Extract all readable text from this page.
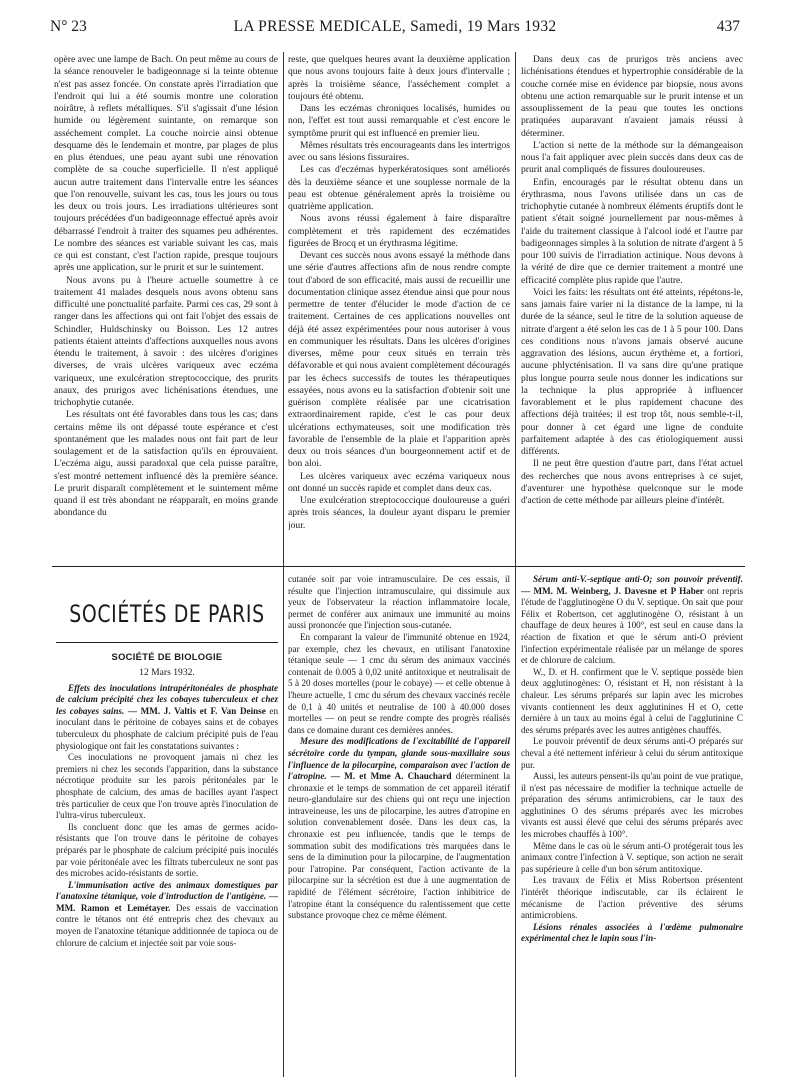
N° 23	LA PRESSE MEDICALE, Samedi, 19 Mars 1932	437

opère avec une lampe de Bach. On peut même au cours de la séance renouveler le badigeonnage si la teinte obtenue n'est pas assez foncée. On constate après l'irradiation que l'endroit qui lui a été soumis montre une coloration noirâtre, à reflets métalliques. S'il s'agissait d'une lésion humide ou légèrement suintante, on remarque son asséchement complet. La couche noircie ainsi obtenue desquame dès le lendemain et montre, par plages de plus en plus étendues, une peau ayant subi une rénovation complète de sa couche superficielle. Il n'est appliqué aucun autre traitement dans l'intervalle entre les séances que l'on renouvelle, suivant les cas, tous les jours ou tous les deux ou trois jours. Les irradiations ultérieures sont toujours précédées d'un badigeonnage effectué après avoir débarrassé l'endroit à traiter des squames peu adhérentes. Le nombre des séances est variable suivant les cas, mais ce qui est constant, c'est l'action rapide, presque toujours après une application, sur le prurit et sur le suintement.

Nous avons pu à l'heure actuelle soumettre à ce traitement 41 malades desquels nous avons obtenu sans difficulté une ponctualité parfaite. Parmi ces cas, 29 sont à ranger dans les affections qui ont fait l'objet des essais de Schindler, Huldschinsky ou Boisson. Les 12 autres patients étaient atteints d'affections auxquelles nous avons étendu le traitement, à savoir : des ulcères d'origines diverses, de vrais ulcères variqueux avec eczéma variqueux, une exulcération streptococcique, des prurits anaux, des prurigos avec lichénisations étendues, une trichophytie cutanée.

Les résultats ont été favorables dans tous les cas; dans certains même ils ont dépassé toute espérance et c'est spontanément que les malades nous ont fait part de leur soulagement et de la satisfaction qu'ils en éprouvaient. L'eczéma aigu, aussi paradoxal que cela puisse paraître, s'est montré nettement influencé dès la première séance. Le prurit disparaît complètement et le suintement même quand il est très abondant ne réapparaît, en moins grande abondance du

reste, que quelques heures avant la deuxième application que nous avons toujours faite à deux jours d'intervalle ; après la troisième séance, l'asséchement complet a toujours été obtenu.

Dans les eczémas chroniques localisés, humides ou non, l'effet est tout aussi remarquable et c'est encore le symptôme prurit qui est influencé en premier lieu.

Mêmes résultats très encourageants dans les intertrigos avec ou sans lésions fissuraires.

Les cas d'eczémas hyperkératosiques sont améliorés dès la deuxième séance et une souplesse normale de la peau est obtenue généralement après la troisième ou quatrième application.

Nous avons réussi également à faire disparaître complètement et très rapidement des eczématides figurées de Brocq et un érythrasma légitime.

Devant ces succès nous avons essayé la méthode dans une série d'autres affections afin de nous rendre compte tout d'abord de son efficacité, mais aussi de recueillir une documentation clinique assez étendue ainsi que pour nous permettre de tenter d'élucider le mode d'action de ce traitement. Certaines de ces applications nouvelles ont déjà été assez expérimentées pour nous autoriser à vous en communiquer les résultats. Dans les ulcères d'origines diverses, même pour ceux situés en terrain très défavorable et qui nous avaient complètement découragés par les échecs successifs de toutes les thérapeutiques essayées, nous avons eu la satisfaction d'obtenir soit une guérison complète réalisée par une cicatrisation extraordinairement rapide, c'est le cas pour deux ulcérations ecthymateuses, soit une modification très favorable de l'ensemble de la plaie et l'apparition après deux ou trois séances d'un bourgeonnement actif et de bon aloi.

Les ulcères variqueux avec eczéma variqueux nous ont donné un succès rapide et complet dans deux cas.

Une exulcération streptococcique douloureuse a guéri après trois séances, la douleur ayant disparu le premier jour.

Dans deux cas de prurigos très anciens avec lichénisations étendues et hypertrophie considérable de la couche cornée mise en évidence par biopsie, nous avons obtenu une action remarquable sur le prurit intense et un assouplissement de la peau que toutes les onctions pratiquées auparavant n'avaient jamais réussi à déterminer.

L'action si nette de la méthode sur la démangeaison nous l'a fait appliquer avec plein succès dans deux cas de prurit anal compliqués de fissures douloureuses.

Enfin, encouragés par le résultat obtenu dans un érythrasma, nous l'avons utilisée dans un cas de trichophytie cutanée à nombreux éléments éruptifs dont le patient s'était soigné journellement par nous-mêmes à l'aide du traitement classique à l'alcool iodé et l'autre par badigeonnages simples à la solution de nitrate d'argent à 5 pour 100 suivis de l'irradiation actinique. Nous devons à la vérité de dire que ce dernier traitement a montré une efficacité complète plus rapide que l'autre.

Voici les faits: les résultats ont été atteints, répétons-le, sans jamais faire varier ni la distance de la lampe, ni la durée de la séance, seul le titre de la solution aqueuse de nitrate d'argent a été selon les cas de 1 à 5 pour 100. Dans ces conditions nous n'avons jamais observé aucune aggravation des lésions, aucun érythème et, a fortiori, aucune phlycténisation. Il va sans dire qu'une pratique plus longue pourra seule nous donner les indications sur la technique la plus appropriée à influencer favorablement et le plus rapidement chacune des affections déjà traitées; il est trop tôt, nous semble-t-il, pour donner à cet égard une ligne de conduite parfaitement adaptée à des cas étiologiquement aussi différents.

Il ne peut être question d'autre part, dans l'état actuel des recherches que nous avons entreprises à ce sujet, d'aventurer une hypothèse quelconque sur le mode d'action de cette méthode par ailleurs pleine d'intérêt.

SOCIÉTÉS DE PARIS
SOCIÉTÉ DE BIOLOGIE
12 Mars 1932.

Effets des inoculations intrapéritonéales de phosphate de calcium précipité chez les cobayes tuberculeux et chez les cobayes sains. — MM. J. Valtis et F. Van Deinse en inoculant dans le péritoine de cobayes sains et de cobayes tuberculeux du phosphate de calcium précipité puis de l'eau physiologique ont fait les constatations suivantes :

Ces inoculations ne provoquent jamais ni chez les premiers ni chez les seconds l'apparition, dans la substance nécrotique produite sur les parois péritonéales par le phosphate de calcium, des amas de bacilles ayant l'aspect très particulier de ceux que l'on trouve après l'inoculation de l'ultra-virus tuberculeux.

Ils concluent donc que les amas de germes acido-résistants que l'on trouve dans le péritoine de cobayes préparés par le phosphate de calcium précipité puis inoculés par voie péritonéale avec les filtrats tuberculeux ne sont pas des microbes acido-résistants de sortie.

L'immunisation active des animaux domestiques par l'anatoxine tétanique, voie d'introduction de l'antigène. — MM. Ramon et Lemétayer. Des essais de vaccination contre le tétanos ont été entrepris chez des chevaux au moyen de l'anatoxine tétanique additionnée de tapioca ou de chlorure de calcium et injectée soit par voie sous-

cutanée soit par voie intramusculaire. De ces essais, il résulte que l'injection intramusculaire, qui dissimule aux yeux de l'observateur la réaction inflammatoire locale, permet de conférer aux animaux une immunité au moins aussi prononcée que l'injection sous-cutanée.

En comparant la valeur de l'immunité obtenue en 1924, par exemple, chez les chevaux, en utilisant l'anatoxine tétanique seule — 1 cmc du sérum des animaux vaccinés contenait de 0.005 à 0,02 unité antitoxique et neutralisait de 5 à 20 doses mortelles (pour le cobaye) — et celle obtenue à l'heure actuelle, 1 cmc du sérum des chevaux vaccinés recèle de 0,1 à 40 unités et neutralise de 100 à 40.000 doses mortelles — on peut se rendre compte des progrès réalisés dans ce domaine durant ces dernières années.

Mesure des modifications de l'excitabilité de l'appareil sécrétoire corde du tympan, glande sous-maxillaire sous l'influence de la pilocarpine, comparaison avec l'action de l'atropine. — M. et Mme A. Chauchard déterminent la chronaxie et le temps de sommation de cet appareil itératif neuro-glandulaire sur des chiens qui ont reçu une injection intraveineuse, les uns de pilocarpine, les autres d'atropine en solution convenablement dosée. Dans les deux cas, la chronaxie est peu influencée, tandis que le temps de sommation subit des modifications très marquées dans le sens de la diminution pour la pilocarpine, de l'augmentation pour l'atropine. Par conséquent, l'action activante de la pilocarpine sur la sécrétion est due à une augmentation de rapidité de l'élément sécrétoire, l'action inhibitrice de l'atropine étant la conséquence du ralentissement que cette substance provoque chez ce même élément.

Sérum anti-V.-septique anti-O; son pouvoir préventif. — MM. M. Weinberg, J. Davesne et P Haber ont repris l'étude de l'agglutinogène O du V. septique. On sait que pour Félix et Robertson, cet agglutinogène O, résistant à un chauffage de deux heures à 100°, est seul en cause dans la réaction de fixation et que le sérum anti-O prévient l'infection expérimentale réalisée par un mélange de spores et de chlorure de calcium.

W., D. et H. confirment que le V. septique possède bien deux agglutinogènes: O, résistant et H, non résistant à la chaleur. Les sérums préparés sur lapin avec les microbes vivants contiennent les deux agglutinines H et O, cette dernière à un taux au moins égal à celui de l'agglutinine C des sérums préparés avec les autres antigènes chauffés.

Le pouvoir préventif de deux sérums anti-O préparés sur cheval a été nettement inférieur à celui du sérum antitoxique pur.

Aussi, les auteurs pensent-ils qu'au point de vue pratique, il n'est pas nécessaire de modifier la technique actuelle de préparation des sérums antimicrobiens, car le taux des agglutinines O des sérums préparés avec les microbes vivants est aussi élevé que celui des sérums préparés avec les microbes chauffés à 100°.

Même dans le cas où le sérum anti-O protégerait tous les animaux contre l'infection à V. septique, son action ne serait pas supérieure à celle d'un bon sérum antitoxique.

Les travaux de Félix et Miss Robertson présentent l'intérêt théorique indiscutable, car ils éclairent le mécanisme de l'action préventive des sérums antimicrobiens.

Lésions rénales associées à l'œdème pulmonaire expérimental chez le lapin sous l'in-
